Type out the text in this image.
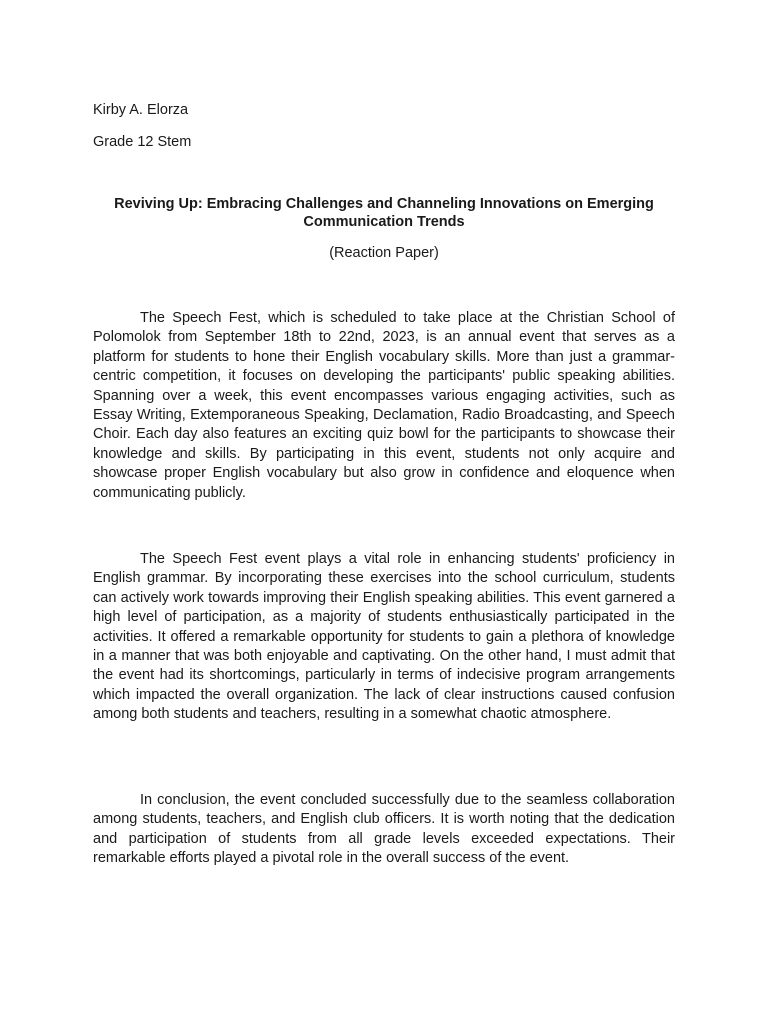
Kirby A. Elorza

Grade 12 Stem

Reviving Up: Embracing Challenges and Channeling Innovations on Emerging Communication Trends

(Reaction Paper)

The Speech Fest, which is scheduled to take place at the Christian School of Polomolok from September 18th to 22nd, 2023, is an annual event that serves as a platform for students to hone their English vocabulary skills. More than just a grammar-centric competition, it focuses on developing the participants' public speaking abilities. Spanning over a week, this event encompasses various engaging activities, such as Essay Writing, Extemporaneous Speaking, Declamation, Radio Broadcasting, and Speech Choir. Each day also features an exciting quiz bowl for the participants to showcase their knowledge and skills. By participating in this event, students not only acquire and showcase proper English vocabulary but also grow in confidence and eloquence when communicating publicly.

The Speech Fest event plays a vital role in enhancing students' proficiency in English grammar. By incorporating these exercises into the school curriculum, students can actively work towards improving their English speaking abilities. This event garnered a high level of participation, as a majority of students enthusiastically participated in the activities. It offered a remarkable opportunity for students to gain a plethora of knowledge in a manner that was both enjoyable and captivating. On the other hand, I must admit that the event had its shortcomings, particularly in terms of indecisive program arrangements which impacted the overall organization. The lack of clear instructions caused confusion among both students and teachers, resulting in a somewhat chaotic atmosphere.

In conclusion, the event concluded successfully due to the seamless collaboration among students, teachers, and English club officers. It is worth noting that the dedication and participation of students from all grade levels exceeded expectations. Their remarkable efforts played a pivotal role in the overall success of the event.
